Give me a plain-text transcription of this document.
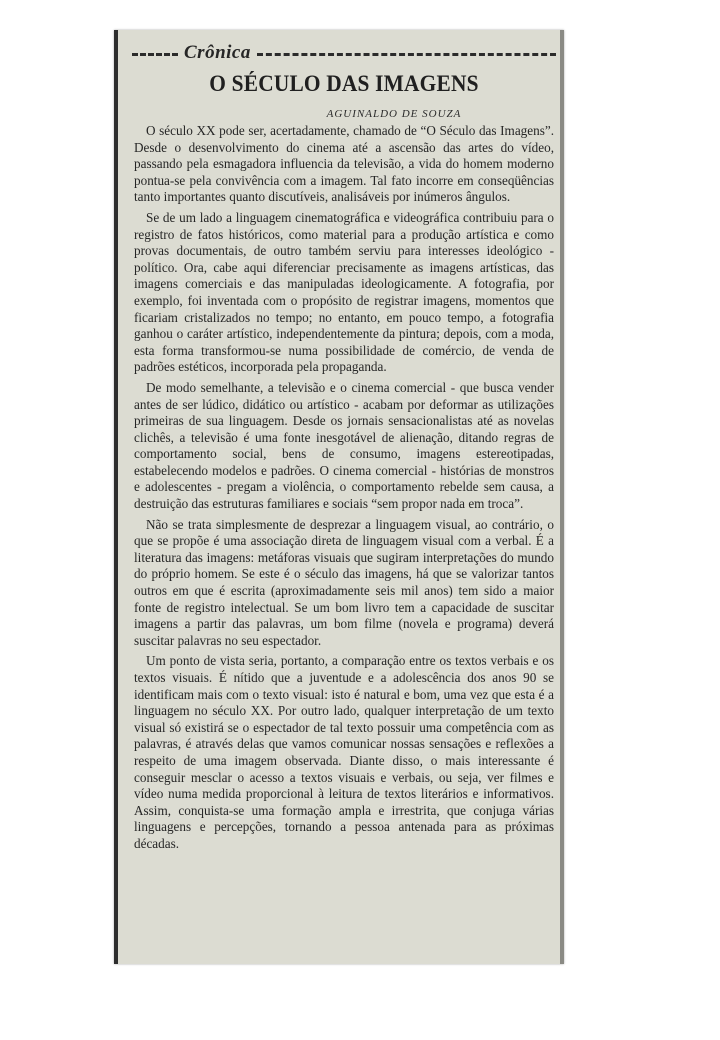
Crônica
O SÉCULO DAS IMAGENS
AGUINALDO DE SOUZA

O século XX pode ser, acertadamente, chamado de “O Século das Imagens”. Desde o desenvolvimento do cinema até a ascensão das artes do vídeo, passando pela esmagadora influencia da televisão, a vida do homem moderno pontua-se pela convivência com a imagem. Tal fato incorre em conseqüências tanto importantes quanto discutíveis, analisáveis por inúmeros ângulos.

Se de um lado a linguagem cinematográfica e videográfica contribuiu para o registro de fatos históricos, como material para a produção artística e como provas documentais, de outro também serviu para interesses ideológico - político. Ora, cabe aqui diferenciar precisamente as imagens artísticas, das imagens comerciais e das manipuladas ideologicamente. A fotografia, por exemplo, foi inventada com o propósito de registrar imagens, momentos que ficariam cristalizados no tempo; no entanto, em pouco tempo, a fotografia ganhou o caráter artístico, independentemente da pintura; depois, com a moda, esta forma transformou-se numa possibilidade de comércio, de venda de padrões estéticos, incorporada pela propaganda.

De modo semelhante, a televisão e o cinema comercial - que busca vender antes de ser lúdico, didático ou artístico - acabam por deformar as utilizações primeiras de sua linguagem. Desde os jornais sensacionalistas até as novelas clichês, a televisão é uma fonte inesgotável de alienação, ditando regras de comportamento social, bens de consumo, imagens estereotipadas, estabelecendo modelos e padrões. O cinema comercial - histórias de monstros e adolescentes - pregam a violência, o comportamento rebelde sem causa, a destruição das estruturas familiares e sociais “sem propor nada em troca”.

Não se trata simplesmente de desprezar a linguagem visual, ao contrário, o que se propõe é uma associação direta de linguagem visual com a verbal. É a literatura das imagens: metáforas visuais que sugiram interpretações do mundo do próprio homem. Se este é o século das imagens, há que se valorizar tantos outros em que é escrita (aproximadamente seis mil anos) tem sido a maior fonte de registro intelectual. Se um bom livro tem a capacidade de suscitar imagens a partir das palavras, um bom filme (novela e programa) deverá suscitar palavras no seu espectador.

Um ponto de vista seria, portanto, a comparação entre os textos verbais e os textos visuais. É nítido que a juventude e a adolescência dos anos 90 se identificam mais com o texto visual: isto é natural e bom, uma vez que esta é a linguagem no século XX. Por outro lado, qualquer interpretação de um texto visual só existirá se o espectador de tal texto possuir uma competência com as palavras, é através delas que vamos comunicar nossas sensações e reflexões a respeito de uma imagem observada. Diante disso, o mais interessante é conseguir mesclar o acesso a textos visuais e verbais, ou seja, ver filmes e vídeo numa medida proporcional à leitura de textos literários e informativos. Assim, conquista-se uma formação ampla e irrestrita, que conjuga várias linguagens e percepções, tornando a pessoa antenada para as próximas décadas.
